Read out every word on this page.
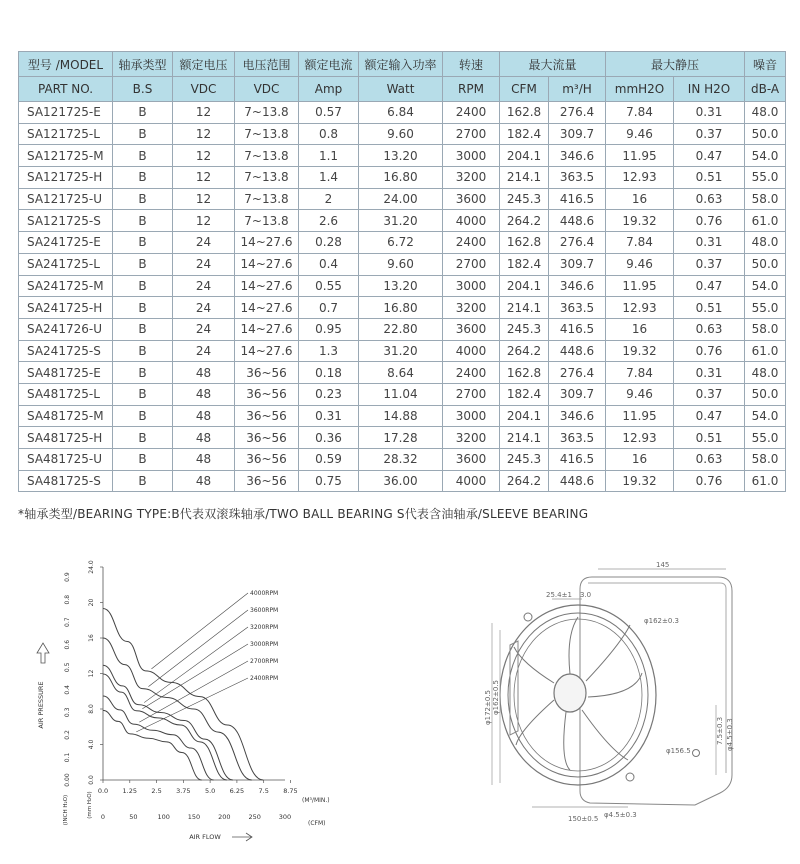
型号 /MODEL	轴承类型	额定电压	电压范围	额定电流	额定输入功率	转速	最大流量		最大静压		噪音
PART NO.	B.S	VDC	VDC	Amp	Watt	RPM	CFM	m³/H	mmH2O	IN H2O	dB-A
SA121725-E	B	12	7~13.8	0.57	6.84	2400	162.8	276.4	7.84	0.31	48.0
SA121725-L	B	12	7~13.8	0.8	9.60	2700	182.4	309.7	9.46	0.37	50.0
SA121725-M	B	12	7~13.8	1.1	13.20	3000	204.1	346.6	11.95	0.47	54.0
SA121725-H	B	12	7~13.8	1.4	16.80	3200	214.1	363.5	12.93	0.51	55.0
SA121725-U	B	12	7~13.8	2	24.00	3600	245.3	416.5	16	0.63	58.0
SA121725-S	B	12	7~13.8	2.6	31.20	4000	264.2	448.6	19.32	0.76	61.0
SA241725-E	B	24	14~27.6	0.28	6.72	2400	162.8	276.4	7.84	0.31	48.0
SA241725-L	B	24	14~27.6	0.4	9.60	2700	182.4	309.7	9.46	0.37	50.0
SA241725-M	B	24	14~27.6	0.55	13.20	3000	204.1	346.6	11.95	0.47	54.0
SA241725-H	B	24	14~27.6	0.7	16.80	3200	214.1	363.5	12.93	0.51	55.0
SA241726-U	B	24	14~27.6	0.95	22.80	3600	245.3	416.5	16	0.63	58.0
SA241725-S	B	24	14~27.6	1.3	31.20	4000	264.2	448.6	19.32	0.76	61.0
SA481725-E	B	48	36~56	0.18	8.64	2400	162.8	276.4	7.84	0.31	48.0
SA481725-L	B	48	36~56	0.23	11.04	2700	182.4	309.7	9.46	0.37	50.0
SA481725-M	B	48	36~56	0.31	14.88	3000	204.1	346.6	11.95	0.47	54.0
SA481725-H	B	48	36~56	0.36	17.28	3200	214.1	363.5	12.93	0.51	55.0
SA481725-U	B	48	36~56	0.59	28.32	3600	245.3	416.5	16	0.63	58.0
SA481725-S	B	48	36~56	0.75	36.00	4000	264.2	448.6	19.32	0.76	61.0
*轴承类型/BEARING TYPE:B代表双滚珠轴承/TWO BALL BEARING S代表含油轴承/SLEEVE BEARING
0.0
4.0
8.0
12
16
20
24.0
0.00
0.1
0.2
0.3
0.4
0.5
0.6
0.7
0.8
0.9
0.0 1.25 2.5 3.75 5.0 6.25 7.5 8.75
(M³/MIN.)
0	50	100	150	200	250	300
(CFM)
AIR FLOW
AIR PRESSURE
(INCH H₂O)	(mm H₂O)
2400RPM
2700RPM
3000RPM
3200RPM
3600RPM
4000RPM
145
25.4±1 3.0
φ162±0.3
φ172±0.5 φ162±0.5
φ156.5
φ4.5±0.3
150±0.5
7.5±0.3 φ4.5±0.3
